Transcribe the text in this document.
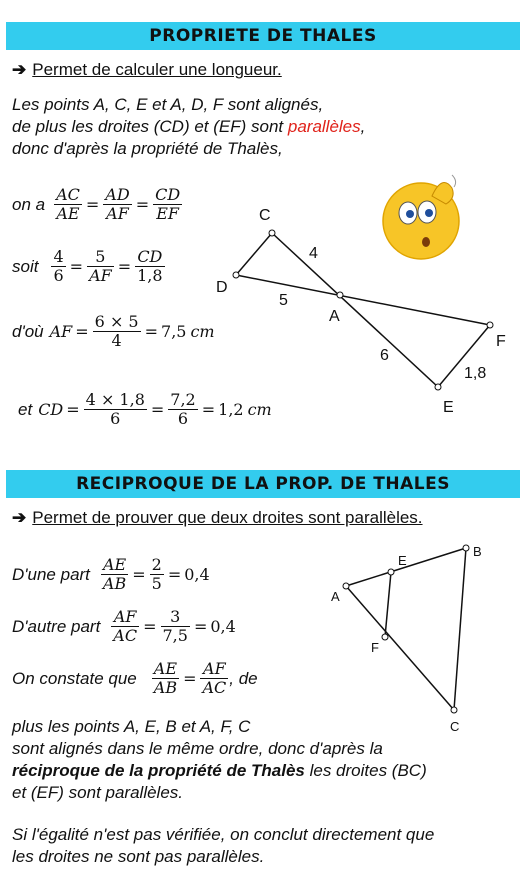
PROPRIETE DE THALES
➔ Permet de calculer une longueur.
Les points A, C, E et A, D, F sont alignés,
de plus les droites (CD) et (EF) sont parallèles,
donc d'après la propriété de Thalès,
on a $\frac{AC}{AE} = \frac{AD}{AF} = \frac{CD}{EF}$
soit $\frac{4}{6} = \frac{5}{AF} = \frac{CD}{1,8}$
d'où AF = $\frac{6 \times 5}{4} = 7,5$ cm
et CD = $\frac{4 \times 1,8}{6} = \frac{7,2}{6} = 1,2$ cm
C
D
A
F
E
4
5
6
1,8
RECIPROQUE DE LA PROP. DE THALES
➔ Permet de prouver que deux droites sont parallèles.
D'une part $\frac{AE}{AB} = \frac{2}{5} = 0,4$
D'autre part $\frac{AF}{AC} = \frac{3}{7,5} = 0,4$
On constate que $\frac{AE}{AB} = \frac{AF}{AC}$ , de
plus les points A, E, B et A, F, C
sont alignés dans le même ordre, donc d'après la
réciproque de la propriété de Thalès les droites (BC)
et (EF) sont parallèles.
Si l'égalité n'est pas vérifiée, on conclut directement que
les droites ne sont pas parallèles.
A
E
B
F
C
